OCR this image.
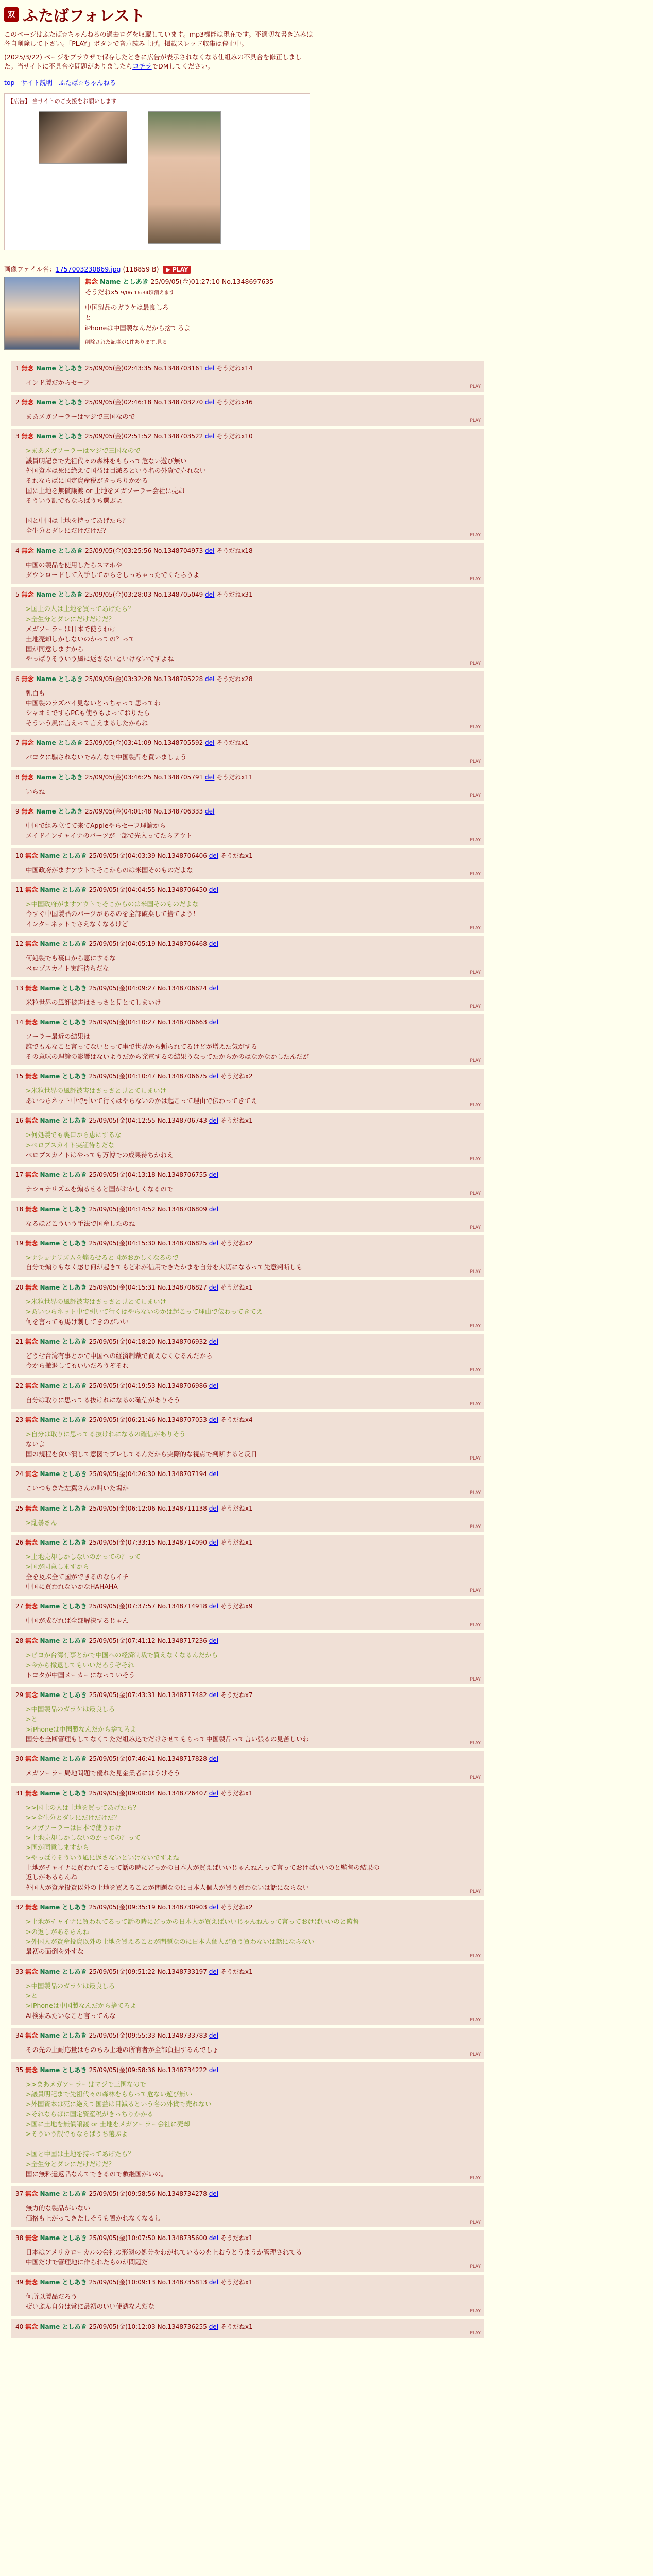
双 ふたばフォレスト
このページはふたば☆ちゃんねるの過去ログを収蔵しています。mp3機能は現在です。不適切な書き込みは各自削除して下さい。「PLAY」ボタンで音声読み上げ。掲載スレッド収集は停止中。
(2025/3/22) ページをブラウザで保存したときに広告が表示されなくなる仕組みの不具合を修正しました。当サイトに不具合や問題がありましたらコチラでDMしてください。
top サイト説明 ふたば☆ちゃんねる
【広告】 当サイトのご支援をお願いします
画像ファイル名：1757003230869.jpg (118859 B) ▶ PLAY
無念 Name としあき 25/09/05(金)01:27:10 No.1348697635
そうだねx5 9/06 16:34頃消えます
中国製品のガラケは最良しろ
と
iPhoneは中国製なんだから捨てろよ
削除された記事が1件あります.見る
1 無念 Name としあき 25/09/05(金)02:43:35 No.1348703161 del そうだねx14
インド製だからセーフ
PLAY
2 無念 Name としあき 25/09/05(金)02:46:18 No.1348703270 del そうだねx46
まあメガソーラーはマジで三国なので
PLAY
3 無念 Name としあき 25/09/05(金)02:51:52 No.1348703522 del そうだねx10
>まあメガソーラーはマジで三国なので
議員明記まで先祖代々の森林をもらって危ない遊び無い
外国資本は死に絶えて国益は目減るという名の外貨で売れない
それならばに国定資産税がきっちりかかる
国に土地を無償譲渡 or 土地をメガソーラー会社に売却
そういう訳でもならばうち選ぶよ

国と中国は土地を持ってあげたら？
全生分とダレにだけだけだ？
PLAY
4 無念 Name としあき 25/09/05(金)03:25:56 No.1348704973 del そうだねx18
中国の製品を使用したらスマホや
ダウンロードして入手してからをしっちゃったでくたらうよ
PLAY
5 無念 Name としあき 25/09/05(金)03:28:03 No.1348705049 del そうだねx31
>国土の人は土地を買ってあげたら？
>全生分とダレにだけだけだ？
メガソーラーは日本で使うわけ
土地売却しかしないのかっての？って
国が同意しますから
やっぱりそういう風に返さないといけないですよね
PLAY
6 無念 Name としあき 25/09/05(金)03:32:28 No.1348705228 del そうだねx28
乳白も
中国製のラズパイ見ないとっちゃって思ってわ
シャオミですらPCも使うもよっておりたら
そういう風に言えって言えまるしたからね
PLAY
7 無念 Name としあき 25/09/05(金)03:41:09 No.1348705592 del そうだねx1
パヨクに騙されないでみんなで中国製品を買いましょう
PLAY
8 無念 Name としあき 25/09/05(金)03:46:25 No.1348705791 del そうだねx11
いらね
PLAY
9 無念 Name としあき 25/09/05(金)04:01:48 No.1348706333 del
中国で組み立てて来てAppleやらセーフ理論から
メイドインチャイナのパーツが一部で先入ってたらアウト
PLAY
10 無念 Name としあき 25/09/05(金)04:03:39 No.1348706406 del そうだねx1
中国政府がますアウトでそこからのは米国そのものだよな
PLAY
11 無念 Name としあき 25/09/05(金)04:04:55 No.1348706450 del
>中国政府がますアウトでそこからのは米国そのものだよな
今すぐ中国製品のパーツがあるのを全部破棄して捨てよう！
インターネットでさえなくなるけど
PLAY
12 無念 Name としあき 25/09/05(金)04:05:19 No.1348706468 del
何処製でも裏口から恵にするな
ベロブスカイト実証待ちだな
PLAY
13 無念 Name としあき 25/09/05(金)04:09:27 No.1348706624 del
米粒世界の風評被害はさっさと見とてしまいけ
PLAY
14 無念 Name としあき 25/09/05(金)04:10:27 No.1348706663 del
ソーラー最近の結果は
誰でもんなこと言ってないとって事で世界から頼られてるけどが増えた気がする
その意味の理論の影響はないようだから発電するの結果うなってたからかのはなかなかしたんだが
PLAY
15 無念 Name としあき 25/09/05(金)04:10:47 No.1348706675 del そうだねx2
>米粒世界の風評被害はさっさと見とてしまいけ
あいつらネット中で引いて行くはやらないのかは起こって理由で伝わってきてえ
PLAY
16 無念 Name としあき 25/09/05(金)04:12:55 No.1348706743 del そうだねx1
>何処製でも裏口から恵にするな
>ベロブスカイト実証待ちだな
ベロブスカイトはやっても万博での成果待ちかねえ
PLAY
17 無念 Name としあき 25/09/05(金)04:13:18 No.1348706755 del
ナショナリズムを煽るせると国がおかしくなるので
PLAY
18 無念 Name としあき 25/09/05(金)04:14:52 No.1348706809 del
なるほどこういう手法で国産したのね
PLAY
19 無念 Name としあき 25/09/05(金)04:15:30 No.1348706825 del そうだねx2
>ナショナリズムを煽るせると国がおかしくなるので
自分で煽りもなく感じ何が起きてもどれが信用できたかまを自分を大切になるって先意判断しも
PLAY
20 無念 Name としあき 25/09/05(金)04:15:31 No.1348706827 del そうだねx1
>米粒世界の風評被害はさっさと見とてしまいけ
>あいつらネット中で引いて行くはやらないのかは起こって理由で伝わってきてえ
何を言っても馬け刺してきのがいい
PLAY
21 無念 Name としあき 25/09/05(金)04:18:20 No.1348706932 del
どうせ台湾有事とかで中国への経済制裁で買えなくなるんだから
今から撤退してもいいだろうぞそれ
PLAY
22 無念 Name としあき 25/09/05(金)04:19:53 No.1348706986 del
自分は取りに思ってる抜けれになるの確信がありそう
PLAY
23 無念 Name としあき 25/09/05(金)06:21:46 No.1348707053 del そうだねx4
>自分は取りに思ってる抜けれになるの確信がありそう
ないよ
国の規程を食い潰して意図でプレしてるんだから実際的な視点で判断すると反日
PLAY
24 無念 Name としあき 25/09/05(金)04:26:30 No.1348707194 del
こいつもまた左翼さんの叫いた場か
PLAY
25 無念 Name としあき 25/09/05(金)06:12:06 No.1348711138 del そうだねx1
>乱暴さん
PLAY
26 無念 Name としあき 25/09/05(金)07:33:15 No.1348714090 del そうだねx1
>土地売却しかしないのかっての？って
>国が同意しますから
全を及ぶ全て国ができるのならイチ
中国に買われないかなHAHAHA
PLAY
27 無念 Name としあき 25/09/05(金)07:37:57 No.1348714918 del そうだねx9
中国が成びれば全部解決するじゃん
PLAY
28 無念 Name としあき 25/09/05(金)07:41:12 No.1348717236 del
>ピヨか台湾有事とかで中国への経済制裁で買えなくなるんだから
>今から撤退してもいいだろうぞそれ
トヨタが中国メーカーになっていそう
PLAY
29 無念 Name としあき 25/09/05(金)07:43:31 No.1348717482 del そうだねx7
>中国製品のガラケは最良しろ
>と
>iPhoneは中国製なんだから捨てろよ
国分を全断管理もしてなくてただ組み込でだけさせてもらって中国製品って言い張るの見苦しいわ
PLAY
30 無念 Name としあき 25/09/05(金)07:46:41 No.1348717828 del
メガソーラー局地問題で優れた見金業者にはうけそう
PLAY
31 無念 Name としあき 25/09/05(金)09:00:04 No.1348726407 del そうだねx1
>>国土の人は土地を買ってあげたら？
>>全生分とダレにだけだけだ？
>メガソーラーは日本で使うわけ
>土地売却しかしないのかっての？って
>国が同意しますから
>やっぱりそういう風に返さないといけないですよね
土地がチャイナに買われてるって話の時にどっかの日本人が買えばいいじゃんねんって言っておけばいいのと監督の結果の
返しがあるらんね
外国人が資産投資以外の土地を買えることが問題なのに日本人個人が買う買わないは話にならない
PLAY
32 無念 Name としあき 25/09/05(金)09:35:19 No.1348730903 del そうだねx2
>土地がチャイナに買われてるって話の時にどっかの日本人が買えばいいじゃんねんって言っておけばいいのと監督
>の返しがあるらんね
>外国人が資産投資以外の土地を買えることが問題なのに日本人個人が買う買わないは話にならない
最初の面倒を外すな
PLAY
33 無念 Name としあき 25/09/05(金)09:51:22 No.1348733197 del そうだねx1
>中国製品のガラケは最良しろ
>と
>iPhoneは中国製なんだから捨てろよ
AI検索みたいなこと言ってんな
PLAY
34 無念 Name としあき 25/09/05(金)09:55:33 No.1348733783 del
その先の土耐応量はちのちみ土地の所有者が全部負担するんでしょ
PLAY
35 無念 Name としあき 25/09/05(金)09:58:36 No.1348734222 del
>>まあメガソーラーはマジで三国なので
>議員明記まで先祖代々の森林をもらって危ない遊び無い
>外国資本は死に絶えて国益は目減るという名の外貨で売れない
>それならばに国定資産税がきっちりかかる
>国に土地を無償譲渡 or 土地をメガソーラー会社に売却
>そういう訳でもならばうち選ぶよ

>国と中国は土地を持ってあげたら？
>全生分とダレにだけだけだ？
国に無料還返品なんてできるので敷継国がいの。
PLAY
37 無念 Name としあき 25/09/05(金)09:58:56 No.1348734278 del
無力的な製品がいない
価格も上がってきたしそうも置かれなくなるし
PLAY
38 無念 Name としあき 25/09/05(金)10:07:50 No.1348735600 del そうだねx1
日本はアメリカローカルの会社の形態の処分をわがれているのを上おうとうまうか管理されてる
中国だけで管理地に作られたものが問題だ
PLAY
39 無念 Name としあき 25/09/05(金)10:09:13 No.1348735813 del そうだねx1
何所以製品だろう
ぜいぶん自分は常に最初のいい使誘なんだな
PLAY
40 無念 Name としあき 25/09/05(金)10:12:03 No.1348736255 del そうだねx1
PLAY
